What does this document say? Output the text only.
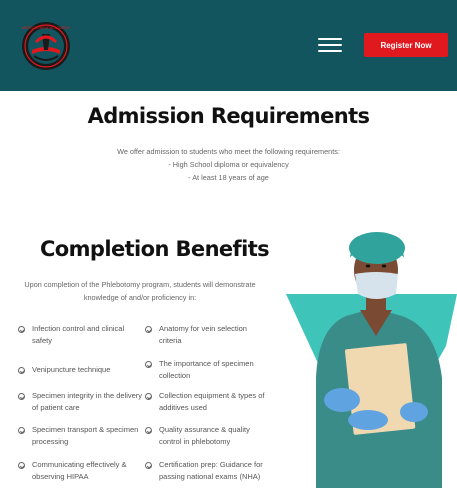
AMERICAN MEDICAL ACADEMY
Register Now
Admission Requirements
We offer admission to students who meet the following requirements:
- High School diploma or equivalency
- At least 18 years of age
Completion Benefits

Upon completion of the Phlebotomy program, students will demonstrate knowledge of and/or proficiency in:

Infection control and clinical safety
Anatomy for vein selection criteria
Venipuncture technique
The importance of specimen collection
Specimen integrity in the delivery of patient care
Collection equipment & types of additives used
Specimen transport & specimen processing
Quality assurance & quality control in phlebotomy
Communicating effectively & observing HIPAA
Certification prep: Guidance for passing national exams (NHA)
